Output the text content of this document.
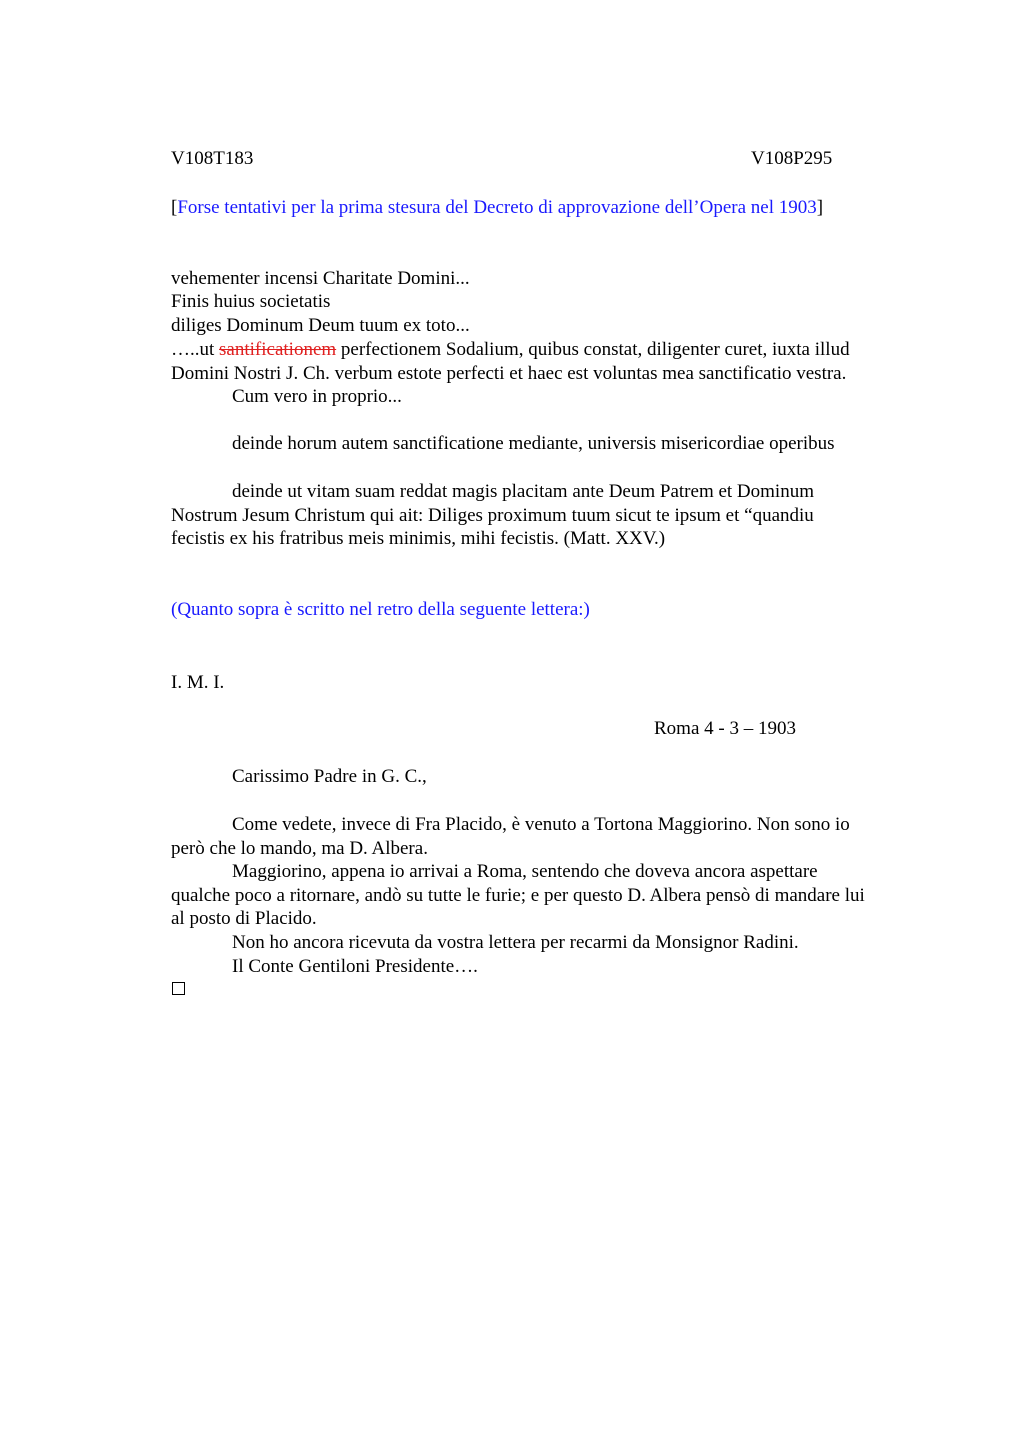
V108T183	V108P295
[Forse tentativi per la prima stesura del Decreto di approvazione dell’Opera nel 1903]
vehementer incensi Charitate Domini...
Finis huius societatis
diliges Dominum Deum tuum ex toto...
…..ut santificationem perfectionem Sodalium, quibus constat, diligenter curet, iuxta illud
Domini Nostri J. Ch. verbum estote perfecti et haec est voluntas mea sanctificatio vestra.
Cum vero in proprio...
deinde horum autem sanctificatione mediante, universis misericordiae operibus
deinde ut vitam suam reddat magis placitam ante Deum Patrem et Dominum
Nostrum Jesum Christum qui ait: Diliges proximum tuum sicut te ipsum et “quandiu
fecistis ex his fratribus meis minimis, mihi fecistis. (Matt. XXV.)
(Quanto sopra è scritto nel retro della seguente lettera:)
I. M. I.
Roma 4 - 3 – 1903
Carissimo Padre in G. C.,
Come vedete, invece di Fra Placido, è venuto a Tortona Maggiorino. Non sono io
però che lo mando, ma D. Albera.
Maggiorino, appena io arrivai a Roma, sentendo che doveva ancora aspettare
qualche poco a ritornare, andò su tutte le furie; e per questo D. Albera pensò di mandare lui
al posto di Placido.
Non ho ancora ricevuta da vostra lettera per recarmi da Monsignor Radini.
Il Conte Gentiloni Presidente….
